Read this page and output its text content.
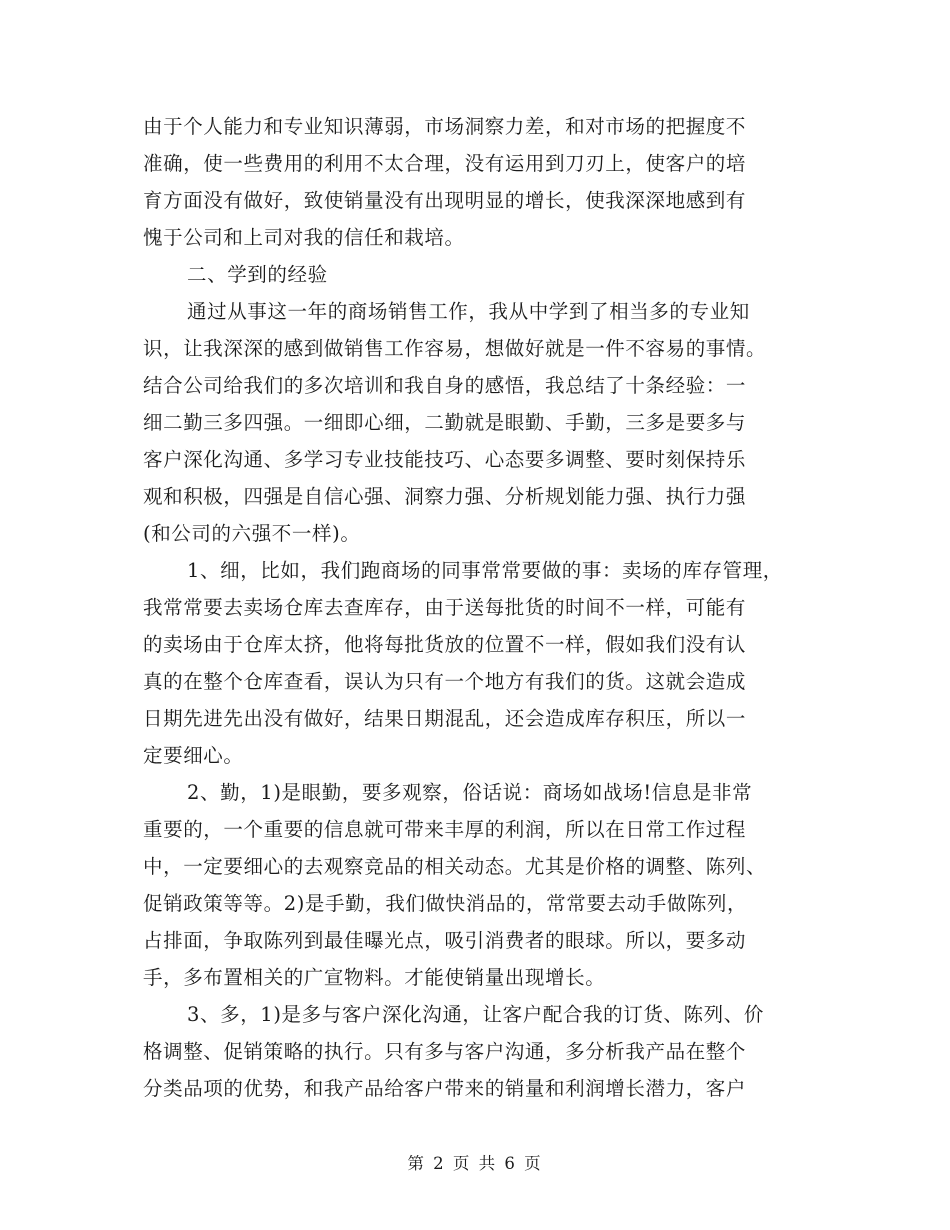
由于个人能力和专业知识薄弱，市场洞察力差，和对市场的把握度不

准确，使一些费用的利用不太合理，没有运用到刀刃上，使客户的培

育方面没有做好，致使销量没有出现明显的增长，使我深深地感到有

愧于公司和上司对我的信任和栽培。

二、学到的经验

通过从事这一年的商场销售工作，我从中学到了相当多的专业知

识，让我深深的感到做销售工作容易，想做好就是一件不容易的事情。

结合公司给我们的多次培训和我自身的感悟，我总结了十条经验：一

细二勤三多四强。一细即心细，二勤就是眼勤、手勤，三多是要多与

客户深化沟通、多学习专业技能技巧、心态要多调整、要时刻保持乐

观和积极，四强是自信心强、洞察力强、分析规划能力强、执行力强

(和公司的六强不一样)。

1、细，比如，我们跑商场的同事常常要做的事：卖场的库存管理，

我常常要去卖场仓库去查库存，由于送每批货的时间不一样，可能有

的卖场由于仓库太挤，他将每批货放的位置不一样，假如我们没有认

真的在整个仓库查看，误认为只有一个地方有我们的货。这就会造成

日期先进先出没有做好，结果日期混乱，还会造成库存积压，所以一

定要细心。

2、勤，1)是眼勤，要多观察，俗话说：商场如战场!信息是非常

重要的，一个重要的信息就可带来丰厚的利润，所以在日常工作过程

中，一定要细心的去观察竞品的相关动态。尤其是价格的调整、陈列、

促销政策等等。2)是手勤，我们做快消品的，常常要去动手做陈列，

占排面，争取陈列到最佳曝光点，吸引消费者的眼球。所以，要多动

手，多布置相关的广宣物料。才能使销量出现增长。

3、多，1)是多与客户深化沟通，让客户配合我的订货、陈列、价

格调整、促销策略的执行。只有多与客户沟通，多分析我产品在整个

分类品项的优势，和我产品给客户带来的销量和利润增长潜力，客户

第 2 页 共 6 页
